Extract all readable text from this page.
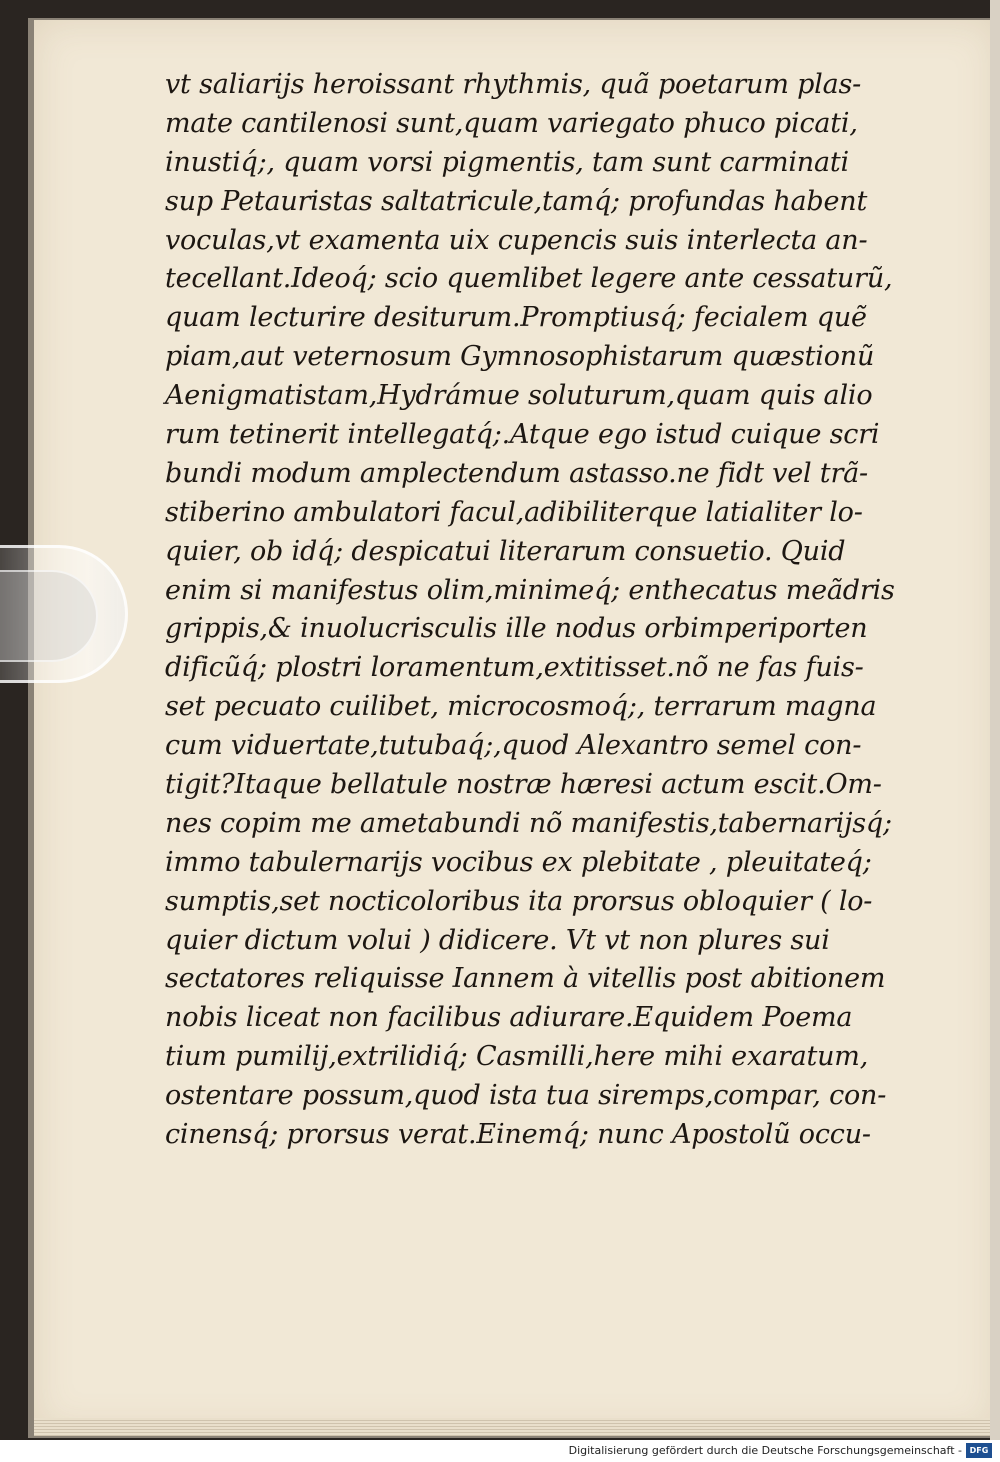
vt saliarijs heroissant rhythmis, quã poetarum plas-
mate cantilenosi sunt,quam variegato phuco picati,
inustiq́;, quam vorsi pigmentis, tam sunt carminati
sup Petauristas saltatricule,tamq́; profundas habent
voculas,vt examenta uix cupencis suis interlecta an-
tecellant.Ideoq́; scio quemlibet legere ante cessaturũ,
quam lecturire desiturum.Promptiusq́; fecialem quẽ
piam,aut veternosum Gymnosophistarum quæstionũ
Aenigmatistam,Hydrámue soluturum,quam quis alio
rum tetinerit intellegatq́;.Atque ego istud cuique scri
bundi modum amplectendum astasso.ne fidt vel trã-
stiberino ambulatori facul,adibiliterque latialiter lo-
quier, ob idq́; despicatui literarum consuetio. Quid
enim si manifestus olim,minimeq́; enthecatus meãdris
grippis,& inuolucrisculis ille nodus orbimperiporten
dificũq́; plostri loramentum,extitisset.nõ ne fas fuis-
set pecuato cuilibet, microcosmoq́;, terrarum magna
cum viduertate,tutubaq́;,quod Alexantro semel con-
tigit?Itaque bellatule nostræ hæresi actum escit.Om-
nes copim me ametabundi nõ manifestis,tabernarijsq́;
immo tabulernarijs vocibus ex plebitate , pleuitateq́;
sumptis,set nocticoloribus ita prorsus obloquier ( lo-
quier dictum volui ) didicere. Vt vt non plures sui
sectatores reliquisse Iannem à vitellis post abitionem
nobis liceat non facilibus adiurare.Equidem Poema
tium pumilij,extrilidiq́; Casmilli,here mihi exaratum,
ostentare possum,quod ista tua siremps,compar, con-
cinensq́; prorsus verat.Einemq́; nunc Apostolũ occu-
Digitalisierung gefördert durch die Deutsche Forschungsgemeinschaft - DFG
